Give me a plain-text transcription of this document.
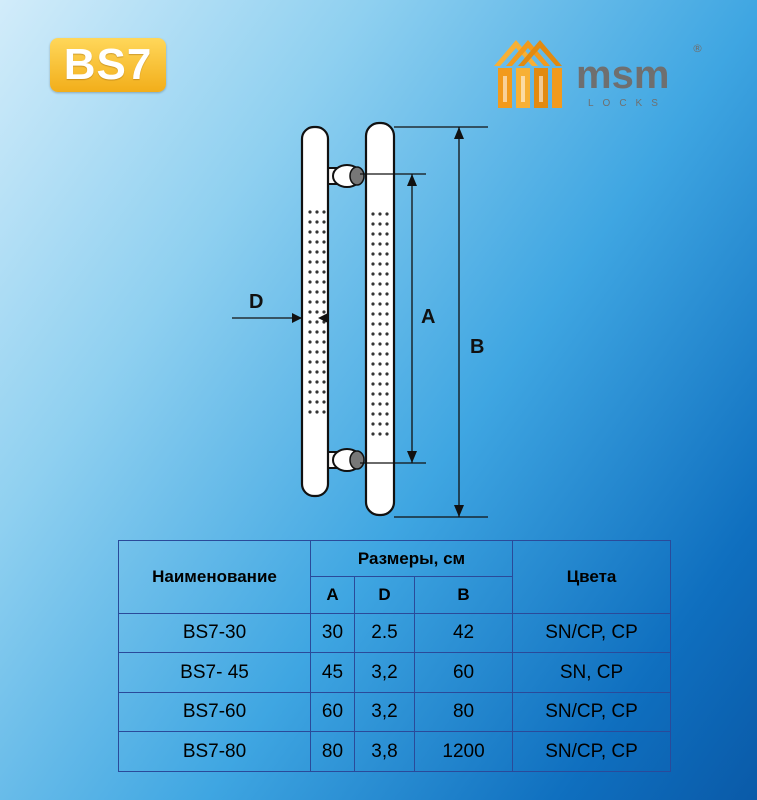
BS7	msm
LOCKS
®
D
A
B
Наименование	Размеры, см			Цвета
	A	D	B	
BS7-30	30	2.5	42	SN/CP, CP
BS7- 45	45	3,2	60	SN, CP
BS7-60	60	3,2	80	SN/CP, CP
BS7-80	80	3,8	1200	SN/CP, CP
